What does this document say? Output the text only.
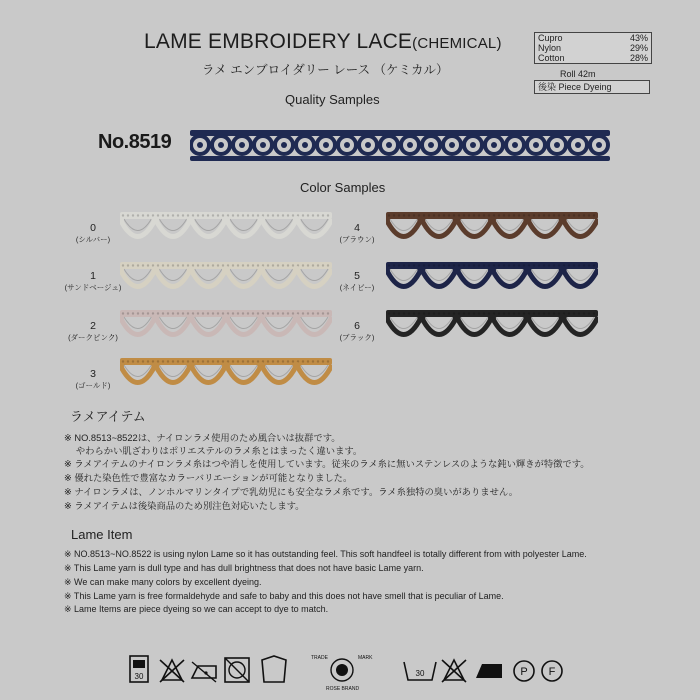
LAME EMBROIDERY LACE(CHEMICAL)
ラメ エンブロイダリー レース （ケミカル）
Cupro	43%
Nylon	29%
Cotton	28%
Roll 42m
後染 Piece Dyeing
Quality Samples
No.8519
Color Samples
0
(シルバー)
1
(サンドベージュ)
2
(ダークピンク)
3
(ゴールド)
4
(ブラウン)
5
(ネイビー)
6
(ブラック)
ラメアイテム
※ NO.8513~8522は、ナイロンラメ使用のため風合いは抜群です。
　 やわらかい肌ざわりはポリエステルのラメ糸とはまったく違います。
※ ラメアイテムのナイロンラメ糸はつや消しを使用しています。従来のラメ糸に無いステンレスのような鈍い輝きが特徴です。
※ 優れた染色性で豊富なカラーバリエーションが可能となりました。
※ ナイロンラメは、ノンホルマリンタイプで乳幼児にも安全なラメ糸です。ラメ糸独特の臭いがありません。
※ ラメアイテムは後染商品のため別注色対応いたします。
Lame Item
※ NO.8513~NO.8522 is using nylon Lame so it has outstanding feel. This soft handfeel is totally different from with polyester Lame.
※ This Lame yarn is dull type and has dull brightness that does not have basic Lame yarn.
※ We can make many colors by excellent dyeing.
※ This Lame yarn is free formaldehyde and safe to baby and this does not have smell that is peculiar of Lame.
※ Lame Items are piece dyeing so we can accept to dye to match.
30
TRADE	MARK
ROSE BRAND
30	P F
